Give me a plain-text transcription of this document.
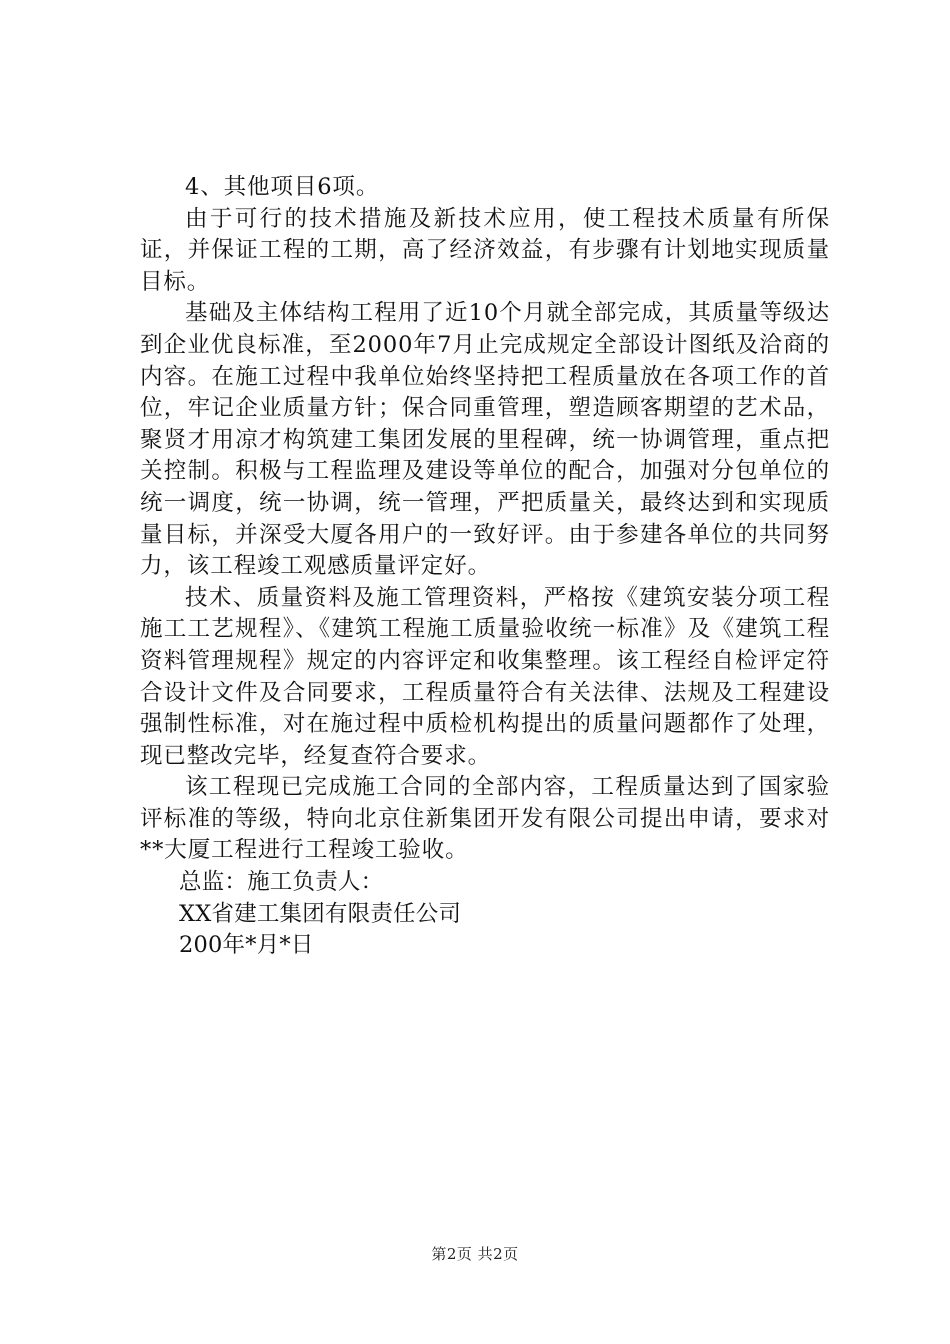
4、其他项目6项。

由于可行的技术措施及新技术应用，使工程技术质量有所保证，并保证工程的工期，高了经济效益，有步骤有计划地实现质量目标。

基础及主体结构工程用了近10个月就全部完成，其质量等级达到企业优良标准，至2000年7月止完成规定全部设计图纸及洽商的内容。在施工过程中我单位始终坚持把工程质量放在各项工作的首位，牢记企业质量方针；保合同重管理，塑造顾客期望的艺术品，聚贤才用凉才构筑建工集团发展的里程碑，统一协调管理，重点把关控制。积极与工程监理及建设等单位的配合，加强对分包单位的统一调度，统一协调，统一管理，严把质量关，最终达到和实现质量目标，并深受大厦各用户的一致好评。由于参建各单位的共同努力，该工程竣工观感质量评定好。

技术、质量资料及施工管理资料，严格按《建筑安装分项工程施工工艺规程》、《建筑工程施工质量验收统一标准》及《建筑工程资料管理规程》规定的内容评定和收集整理。该工程经自检评定符合设计文件及合同要求，工程质量符合有关法律、法规及工程建设强制性标准，对在施过程中质检机构提出的质量问题都作了处理，现已整改完毕，经复查符合要求。

该工程现已完成施工合同的全部内容，工程质量达到了国家验评标准的等级，特向北京住新集团开发有限公司提出申请，要求对**大厦工程进行工程竣工验收。

总监：施工负责人：

XX省建工集团有限责任公司

200年*月*日

第2页 共2页
